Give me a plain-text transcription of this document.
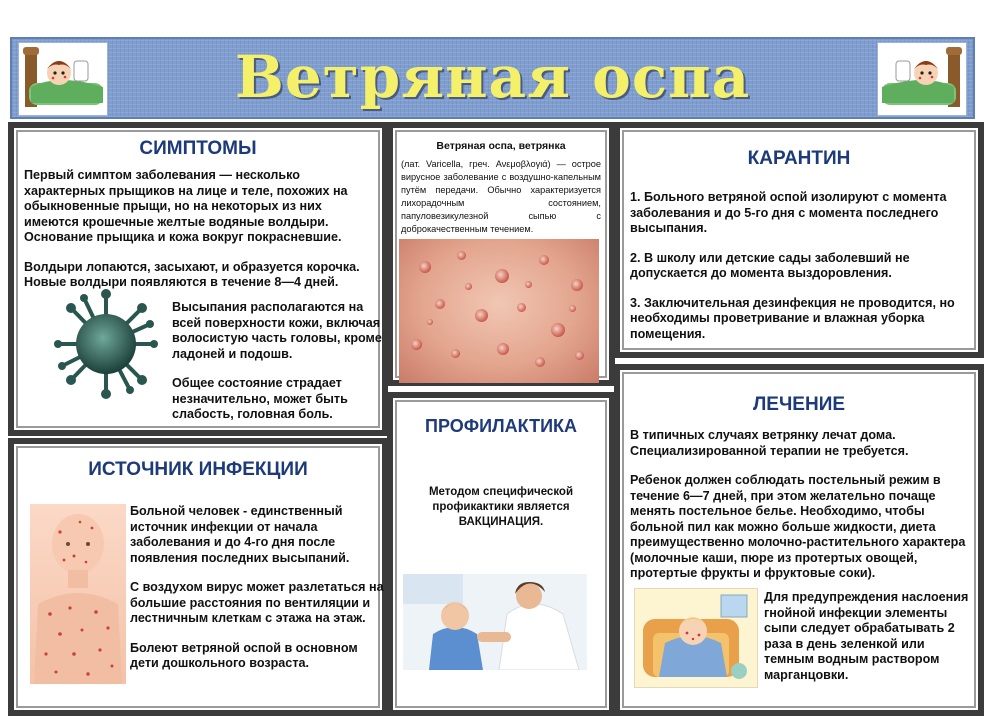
Ветряная оспа
СИМПТОМЫ

Первый симптом заболевания — несколько характерных прыщиков на лице и теле, похожих на обыкновенные прыщи, но на некоторых из них имеются крошечные желтые водяные волдыри. Основание прыщика и кожа вокруг покрасневшие.

Волдыри лопаются, засыхают, и образуется корочка. Новые волдыри появляются в течение 8—4 дней.

Высыпания располагаются на всей поверхности кожи, включая волосистую часть головы, кроме ладоней и подошв.

Общее состояние страдает незначительно, может быть слабость, головная боль.

Ветряная оспа, ветрянка
(лат. Varicella, греч. Ανεμοβλογιά) — острое вирусное заболевание с воздушно-капельным путём передачи. Обычно характеризуется лихорадочным состоянием, папуловезикулезной сыпью с доброкачественным течением.
КАРАНТИН

1. Больного ветряной оспой изолируют с момента заболевания и до 5-го дня с момента последнего высыпания.

2. В школу или детские сады заболевший не допускается до момента выздоровления.

3. Заключительная дезинфекция не проводится, но необходимы проветривание и влажная уборка помещения.

ИСТОЧНИК ИНФЕКЦИИ

Больной человек - единственный источник инфекции от начала заболевания и до 4-го дня после появления последних высыпаний.

С воздухом вирус может разлетаться на большие расстояния по вентиляции и лестничным клеткам с этажа на этаж.

Болеют ветряной оспой в основном дети дошкольного возраста.

ПРОФИЛАКТИКА
Методом специфической профикактики является ВАКЦИНАЦИЯ.
ЛЕЧЕНИЕ

В типичных случаях ветрянку лечат дома. Специализированной терапии не требуется.

Ребенок должен соблюдать постельный режим в течение 6—7 дней, при этом желательно почаще менять постельное белье. Необходимо, чтобы больной пил как можно больше жидкости, диета преимущественно молочно-растительного характера (молочные каши, пюре из протертых овощей, протертые фрукты и фруктовые соки).

Для предупреждения наслоения гнойной инфекции элементы сыпи следует обрабатывать 2 раза в день зеленкой или темным водным раствором марганцовки.
